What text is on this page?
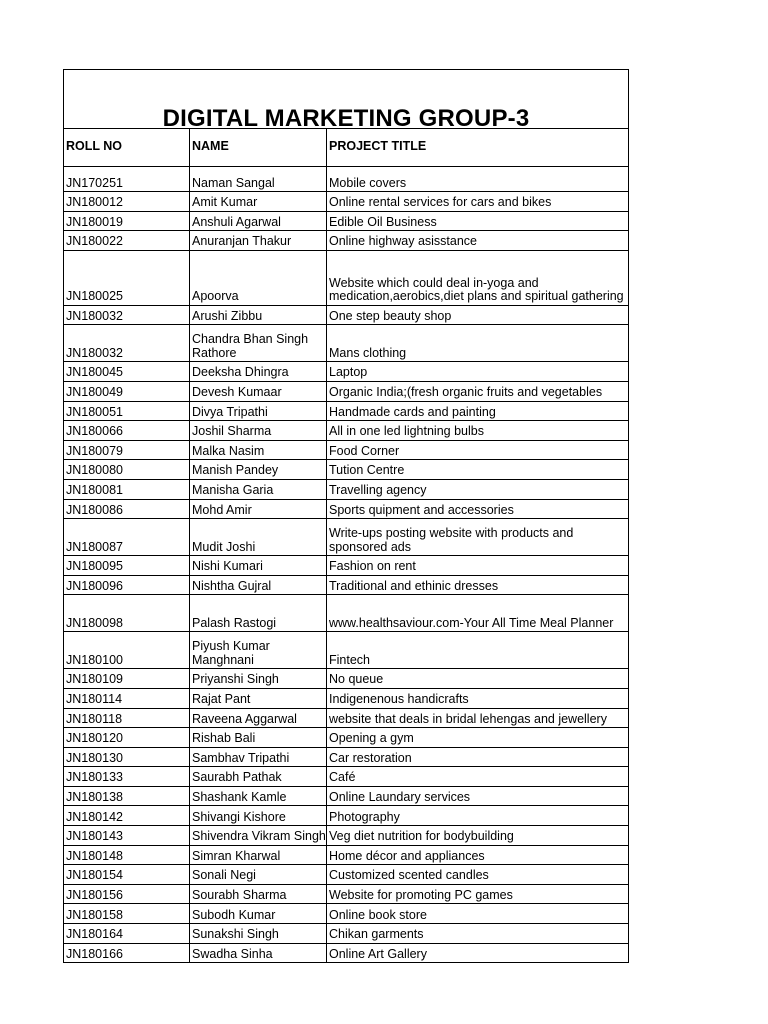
DIGITAL MARKETING GROUP-3		
ROLL NO	NAME	PROJECT TITLE
JN170251	Naman Sangal	Mobile covers
JN180012	Amit Kumar	Online rental services for cars and bikes
JN180019	Anshuli Agarwal	Edible Oil Business
JN180022	Anuranjan Thakur	Online highway asisstance
JN180025	Apoorva	Website which could deal in-yoga and medication,aerobics,diet plans and spiritual gathering
JN180032	Arushi Zibbu	One step beauty shop
JN180032	Chandra Bhan Singh Rathore	Mans clothing
JN180045	Deeksha Dhingra	Laptop
JN180049	Devesh Kumaar	Organic India;(fresh organic fruits and vegetables
JN180051	Divya Tripathi	Handmade cards and painting
JN180066	Joshil Sharma	All in one led lightning bulbs
JN180079	Malka Nasim	Food Corner
JN180080	Manish Pandey	Tution Centre
JN180081	Manisha Garia	Travelling agency
JN180086	Mohd Amir	Sports quipment and accessories
JN180087	Mudit Joshi	Write-ups posting website with products and sponsored ads
JN180095	Nishi Kumari	Fashion on rent
JN180096	Nishtha Gujral	Traditional and ethinic dresses
JN180098	Palash Rastogi	www.healthsaviour.com-Your All Time Meal Planner
JN180100	Piyush Kumar Manghnani	Fintech
JN180109	Priyanshi Singh	No queue
JN180114	Rajat Pant	Indigenenous handicrafts
JN180118	Raveena Aggarwal	website that deals in bridal lehengas and jewellery
JN180120	Rishab Bali	Opening a gym
JN180130	Sambhav Tripathi	Car restoration
JN180133	Saurabh Pathak	Café
JN180138	Shashank Kamle	Online Laundary services
JN180142	Shivangi Kishore	Photography
JN180143	Shivendra Vikram Singh	Veg diet nutrition for bodybuilding
JN180148	Simran Kharwal	Home décor and appliances
JN180154	Sonali Negi	Customized scented candles
JN180156	Sourabh Sharma	Website for promoting PC games
JN180158	Subodh Kumar	Online book store
JN180164	Sunakshi Singh	Chikan garments
JN180166	Swadha Sinha	Online Art Gallery
